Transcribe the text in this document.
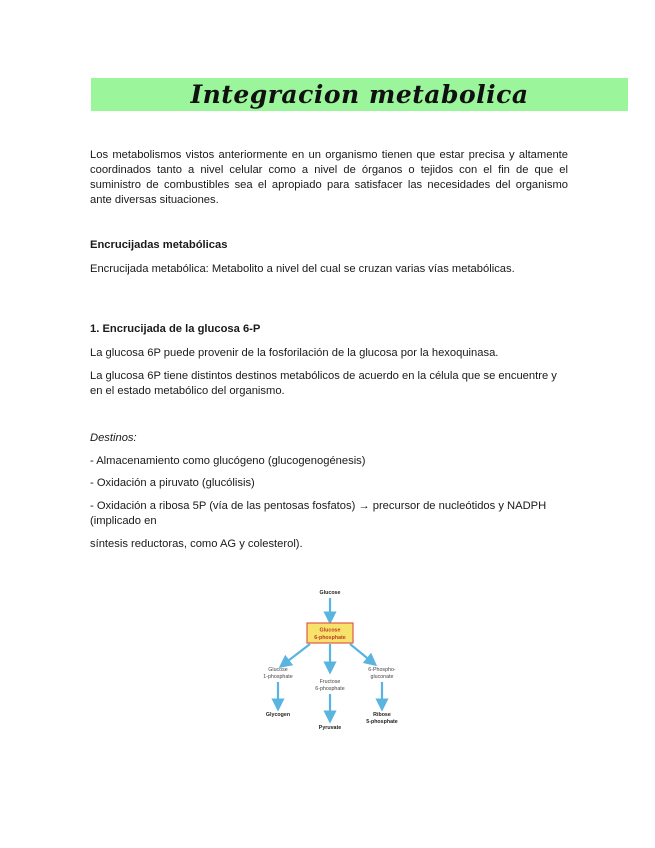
Integracion metabolica
Los metabolismos vistos anteriormente en un organismo tienen que estar precisa y altamente coordinados tanto a nivel celular como a nivel de órganos o tejidos con el fin de que el suministro de combustibles sea el apropiado para satisfacer las necesidades del organismo ante diversas situaciones.
Encrucijadas metabólicas
Encrucijada metabólica: Metabolito a nivel del cual se cruzan varias vías metabólicas.
1. Encrucijada de la glucosa 6-P
La glucosa 6P puede provenir de la fosforilación de la glucosa por la hexoquinasa.
La glucosa 6P tiene distintos destinos metabólicos de acuerdo en la célula que se encuentre y en el estado metabólico del organismo.
Destinos:
- Almacenamiento como glucógeno (glucogenogénesis)
- Oxidación a piruvato (glucólisis)
- Oxidación a ribosa 5P (vía de las pentosas fosfatos) → precursor de nucleótidos y NADPH (implicado en
síntesis reductoras, como AG y colesterol).
Glucose
Glucose
6-phosphate
Glucose
1-phosphate
Fructose
6-phosphate
6-Phospho-
gluconate
Glycogen
Pyruvate
Ribose
5-phosphate
